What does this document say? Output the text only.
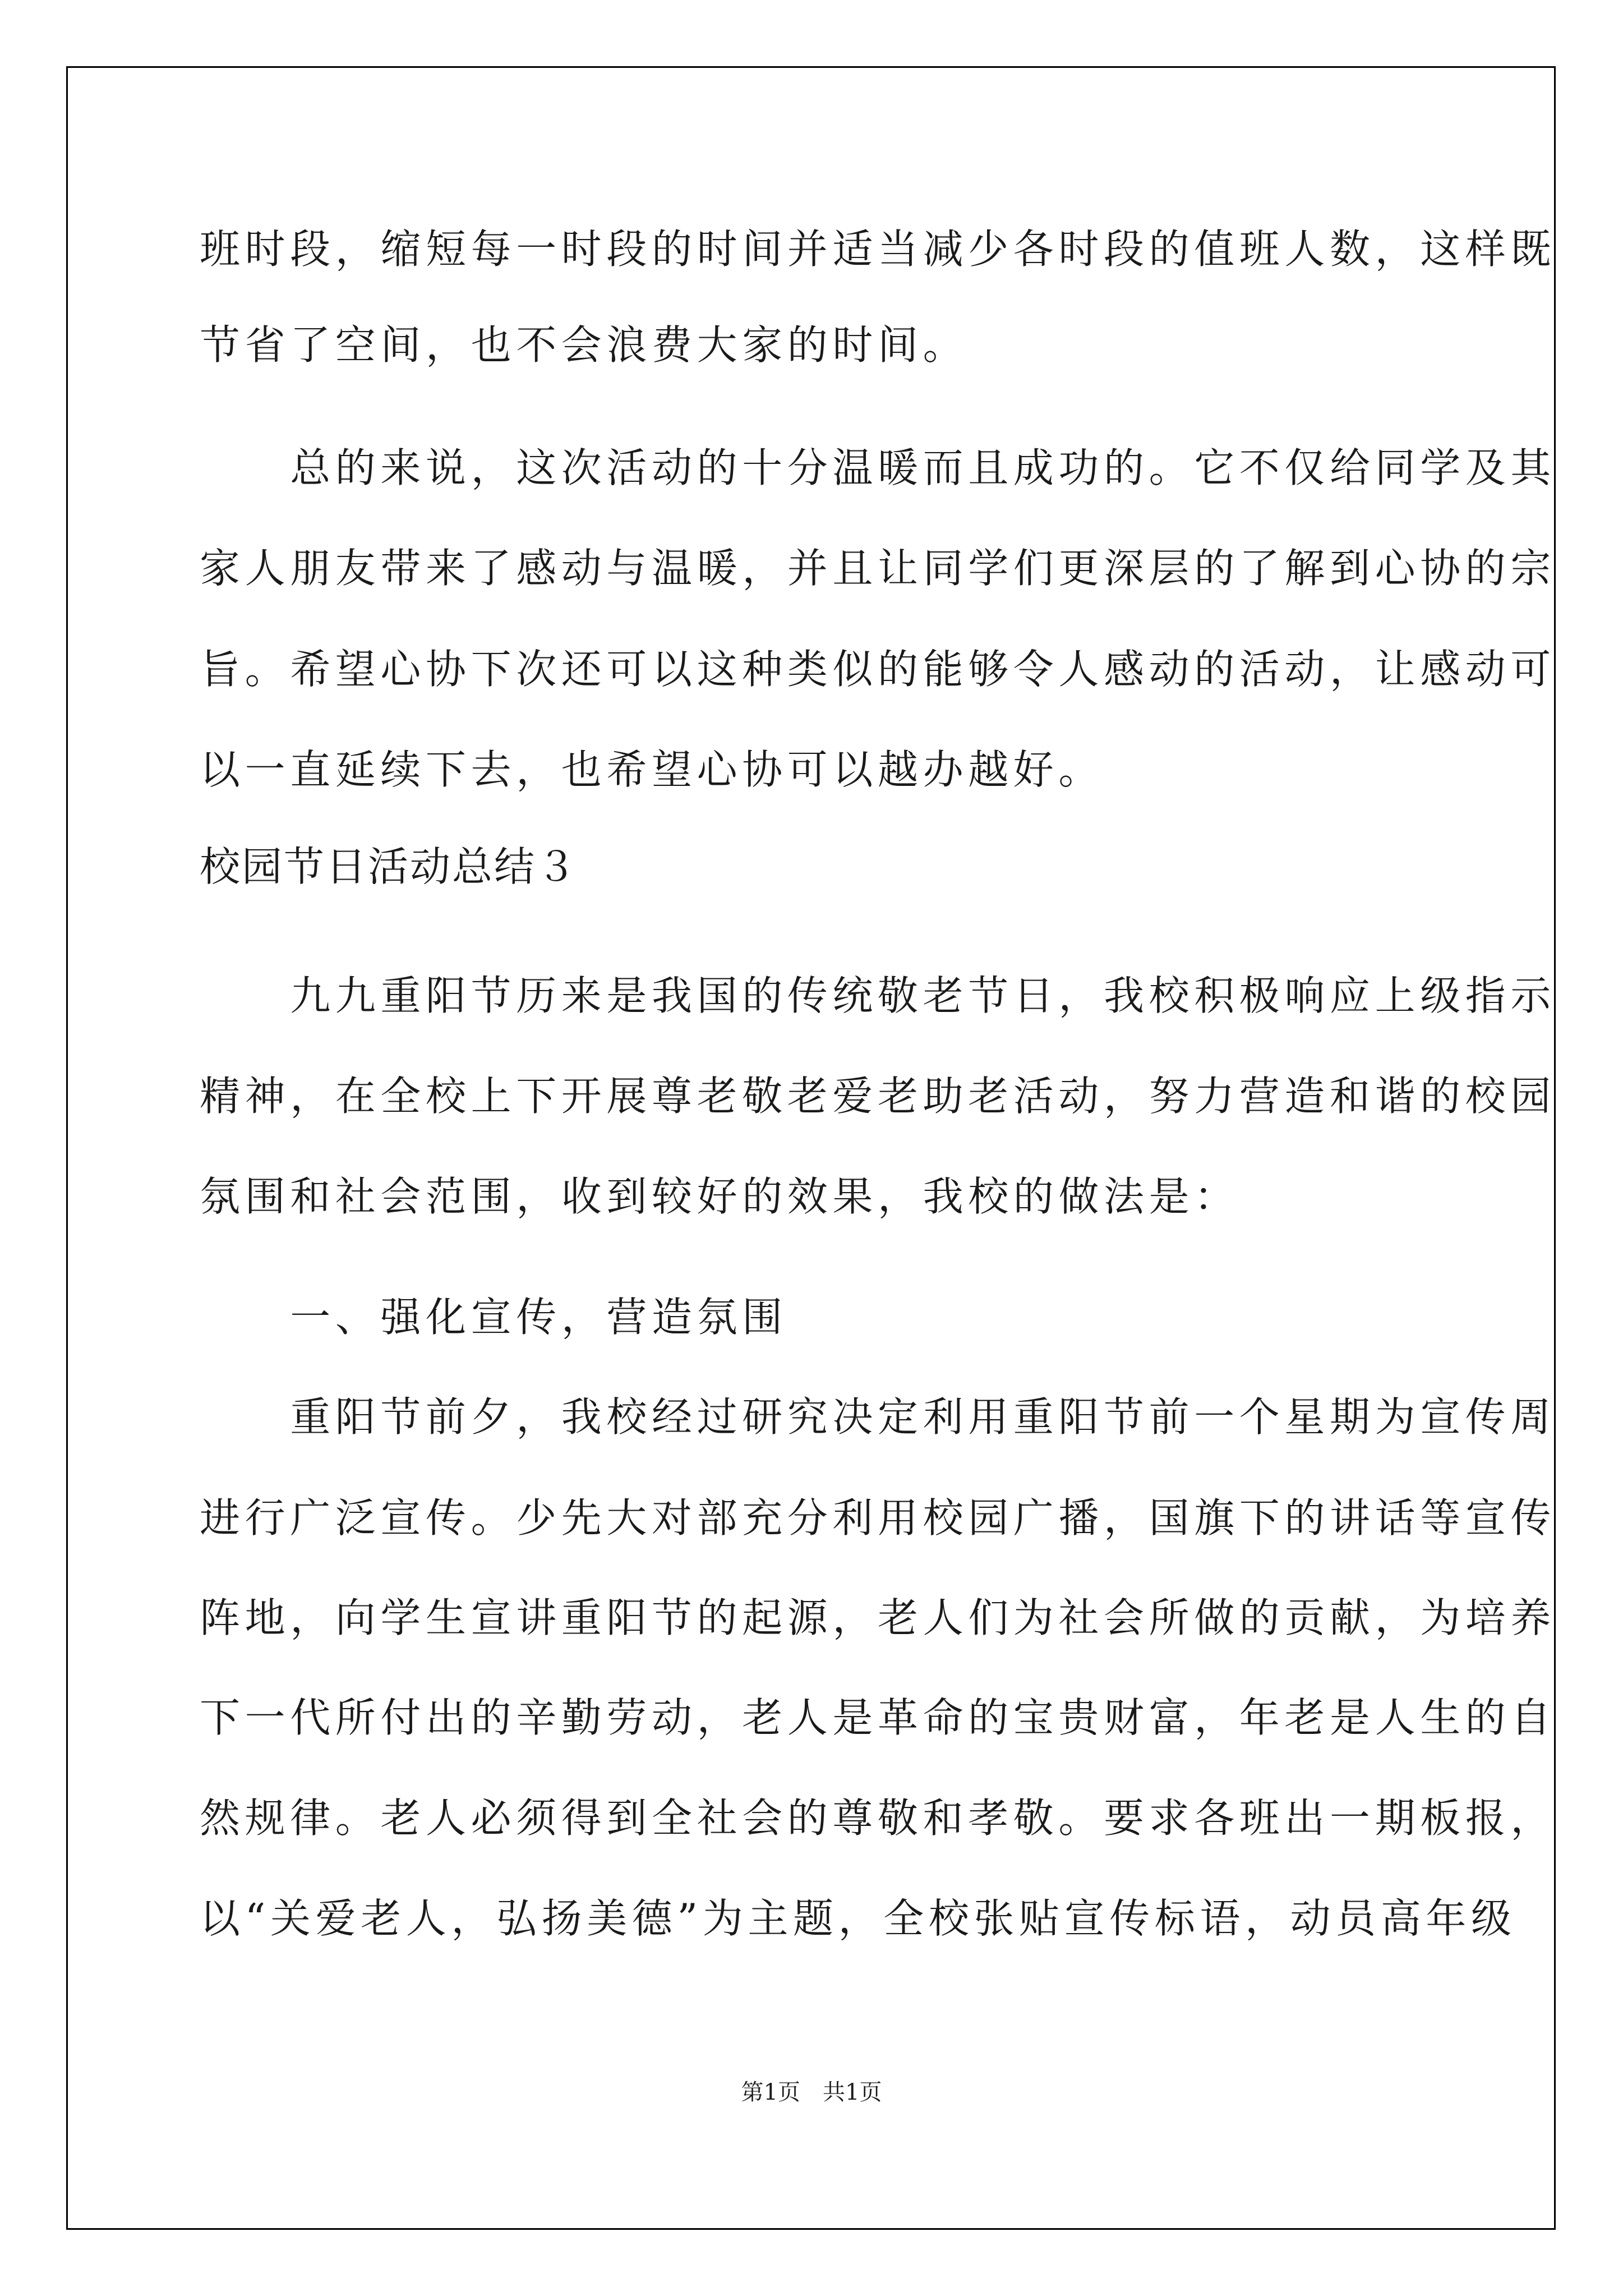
班时段，缩短每一时段的时间并适当减少各时段的值班人数，这样既

节省了空间，也不会浪费大家的时间。

　　总的来说，这次活动的十分温暖而且成功的。它不仅给同学及其

家人朋友带来了感动与温暖，并且让同学们更深层的了解到心协的宗

旨。希望心协下次还可以这种类似的能够令人感动的活动，让感动可

以一直延续下去，也希望心协可以越办越好。

校园节日活动总结３

　　九九重阳节历来是我国的传统敬老节日，我校积极响应上级指示

精神，在全校上下开展尊老敬老爱老助老活动，努力营造和谐的校园

氛围和社会范围，收到较好的效果，我校的做法是：

　　一、强化宣传，营造氛围

　　重阳节前夕，我校经过研究决定利用重阳节前一个星期为宣传周

进行广泛宣传。少先大对部充分利用校园广播，国旗下的讲话等宣传

阵地，向学生宣讲重阳节的起源，老人们为社会所做的贡献，为培养

下一代所付出的辛勤劳动，老人是革命的宝贵财富，年老是人生的自

然规律。老人必须得到全社会的尊敬和孝敬。要求各班出一期板报，

以“关爱老人，弘扬美德”为主题，全校张贴宣传标语，动员高年级

第1页　共1页
